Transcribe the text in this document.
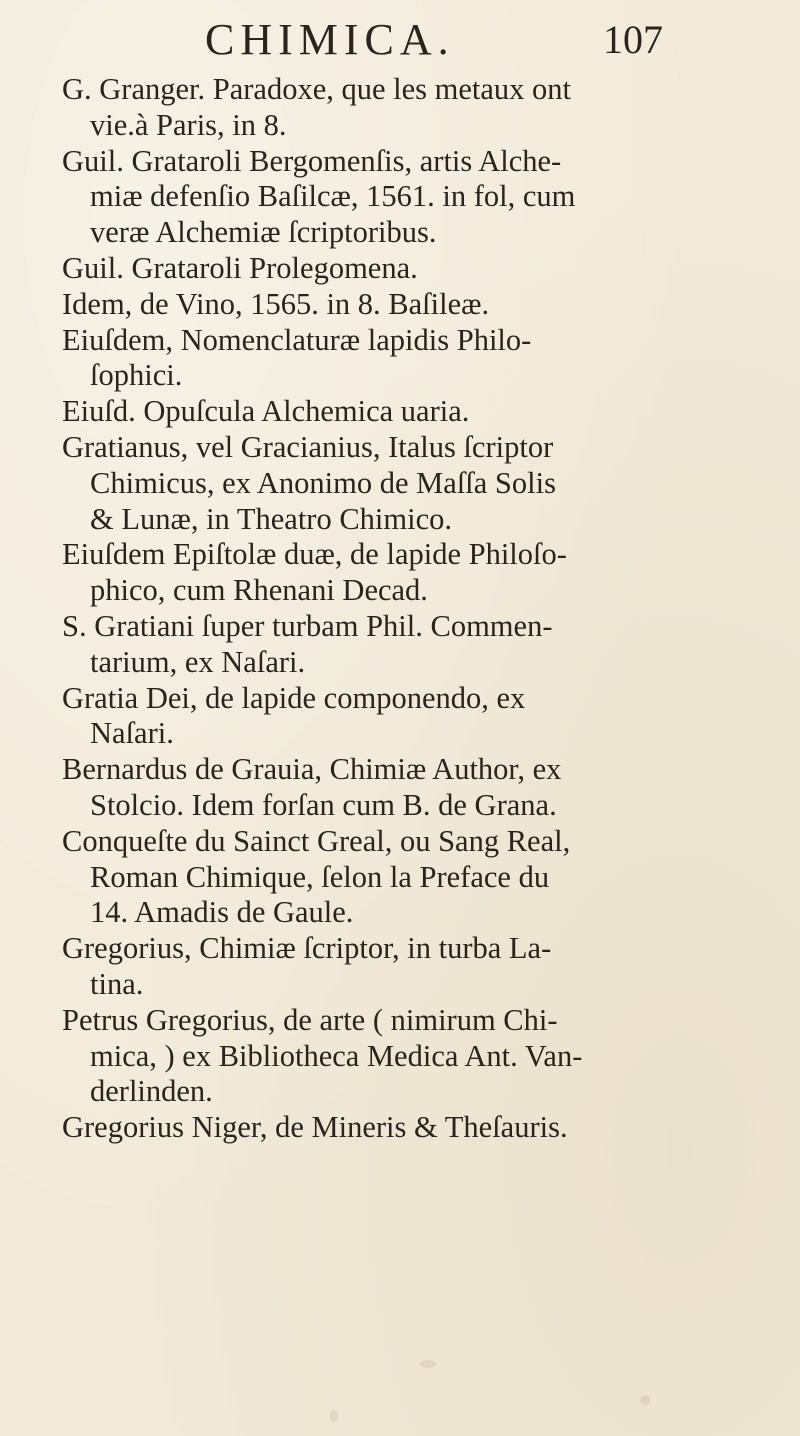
CHIMICA.	107
G. Granger. Paradoxe, que les metaux ont
vie.à Paris, in 8.
Guil. Grataroli Bergomenſis, artis Alche-
miæ defenſio Baſilcæ, 1561. in fol, cum
veræ Alchemiæ ſcriptoribus.
Guil. Grataroli Prolegomena.
Idem, de Vino, 1565. in 8. Baſileæ.
Eiuſdem, Nomenclaturæ lapidis Philo-
ſophici.
Eiuſd. Opuſcula Alchemica uaria.
Gratianus, vel Gracianius, Italus ſcriptor
Chimicus, ex Anonimo de Maſſa Solis
& Lunæ, in Theatro Chimico.
Eiuſdem Epiſtolæ duæ, de lapide Philoſo-
phico, cum Rhenani Decad.
S. Gratiani ſuper turbam Phil. Commen-
tarium, ex Naſari.
Gratia Dei, de lapide componendo, ex
Naſari.
Bernardus de Grauia, Chimiæ Author, ex
Stolcio. Idem forſan cum B. de Grana.
Conqueſte du Sainct Greal, ou Sang Real,
Roman Chimique, ſelon la Preface du
14. Amadis de Gaule.
Gregorius, Chimiæ ſcriptor, in turba La-
tina.
Petrus Gregorius, de arte ( nimirum Chi-
mica, ) ex Bibliotheca Medica Ant. Van-
derlinden.
Gregorius Niger, de Mineris & Theſauris.
